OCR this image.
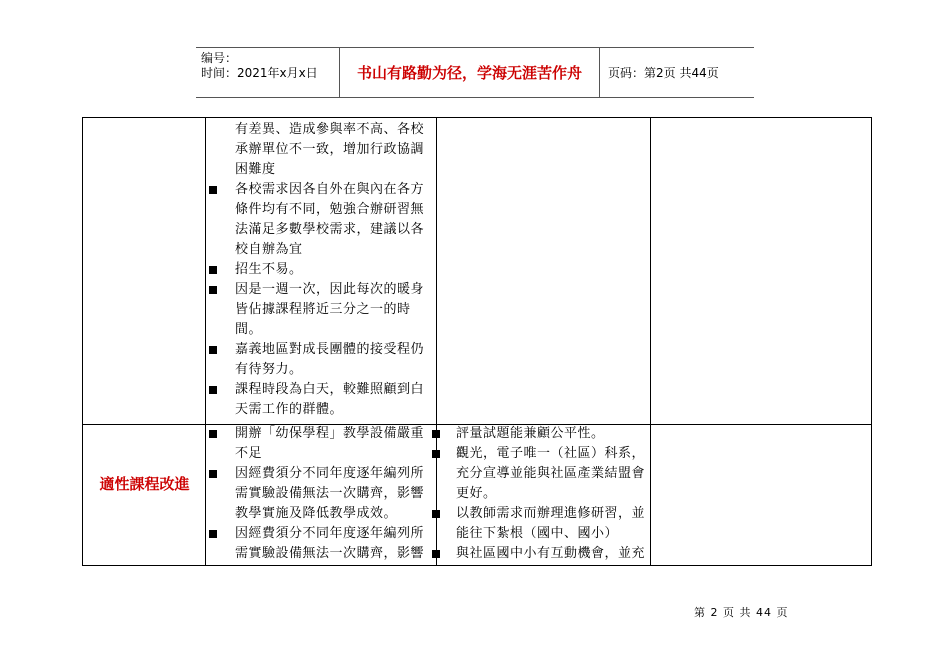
编号：
时间：2021年x月x日	书山有路勤为径，学海无涯苦作舟	页码：第2页 共44页
適性課程改進
有差異、造成參與率不高、各校
承辦單位不一致，增加行政協調
困難度
各校需求因各自外在與內在各方
條件均有不同，勉強合辦研習無
法滿足多數學校需求，建議以各
校自辦為宜
招生不易。
因是一週一次，因此每次的暖身
皆佔據課程將近三分之一的時
間。
嘉義地區對成長團體的接受程仍
有待努力。
課程時段為白天，較難照顧到白
天需工作的群體。
開辦「幼保學程」教學設備嚴重
不足
因經費須分不同年度逐年編列所
需實驗設備無法一次購齊，影響
教學實施及降低教學成效。
因經費須分不同年度逐年編列所
需實驗設備無法一次購齊，影響
評量試題能兼顧公平性。
觀光，電子唯一（社區）科系，
充分宣導並能與社區產業結盟會
更好。
以教師需求而辦理進修研習，並
能往下紮根（國中、國小）
與社區國中小有互動機會，並充
第 2 页 共 44 页
